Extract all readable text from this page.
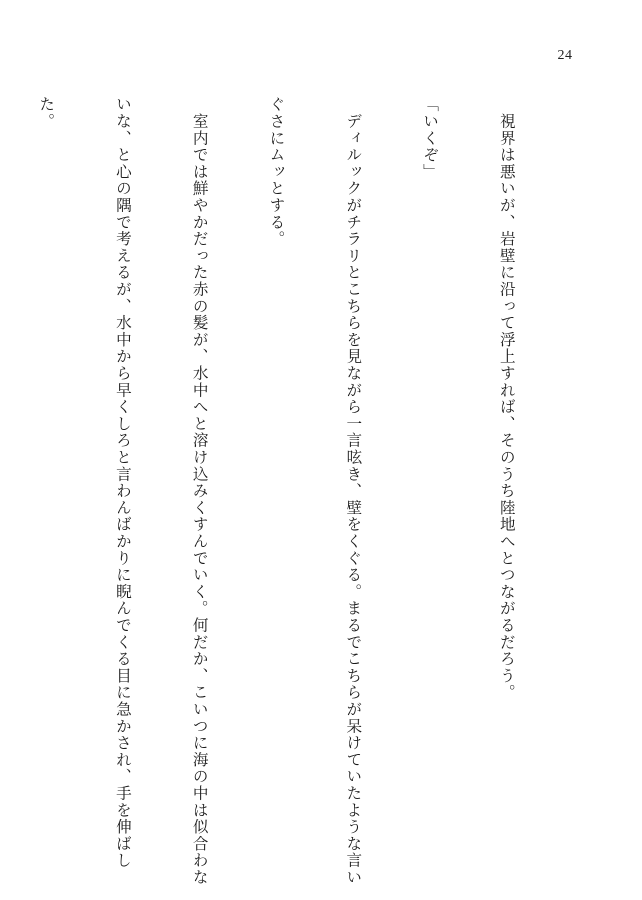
24

　視界は悪いが、岩壁に沿って浮上すれば、そのうち陸地へとつながるだろう。

「いくぞ」

　ディルックがチラリとこちらを見ながら一言呟き、壁をくぐる。まるでこちらが呆けていたような言い

ぐさにムッとする。

　室内では鮮やかだった赤の髪が、水中へと溶け込みくすんでいく。何だか、こいつに海の中は似合わな

いな、と心の隅で考えるが、水中から早くしろと言わんばかりに睨んでくる目に急かされ、手を伸ばし

た。
